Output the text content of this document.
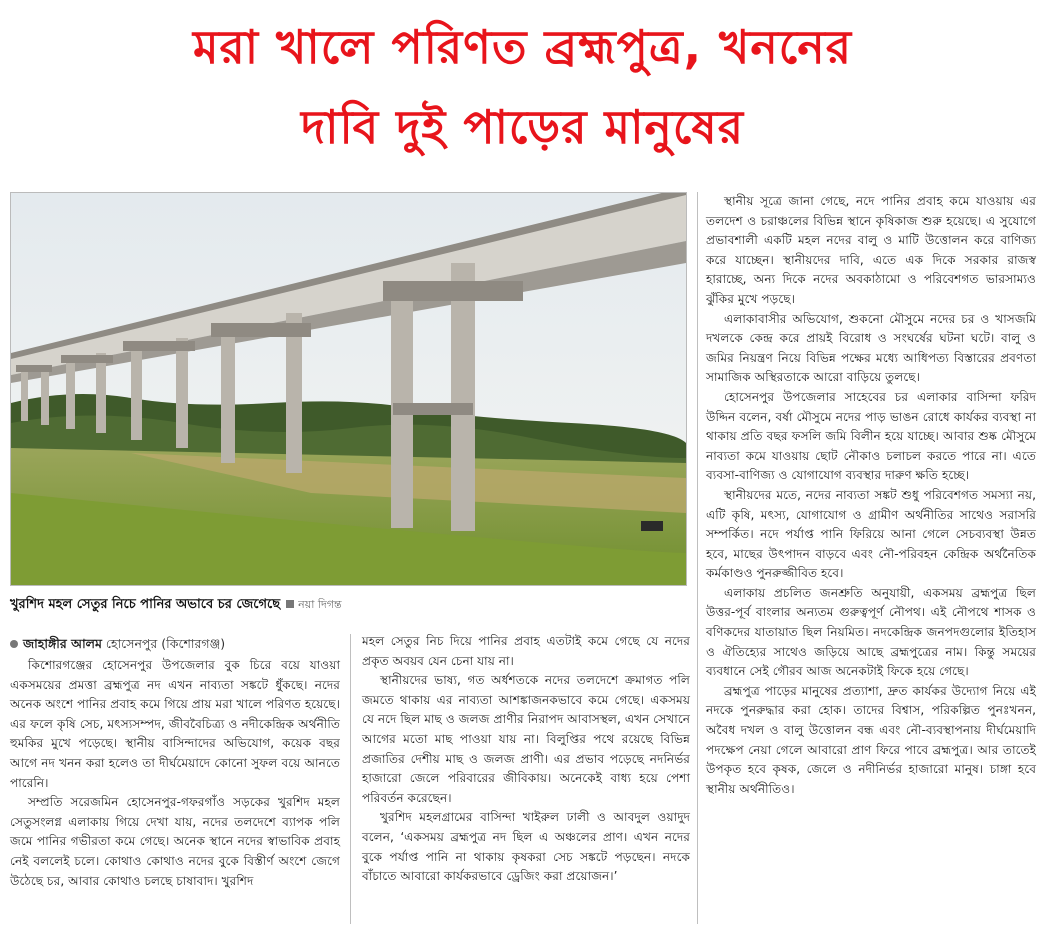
মরা খালে পরিণত ব্রহ্মপুত্র, খননের
দাবি দুই পাড়ের মানুষের
খুরশিদ মহল সেতুর নিচে পানির অভাবে চর জেগেছে নয়া দিগন্ত
জাহাঙ্গীর আলম হোসেনপুর (কিশোরগঞ্জ)

কিশোরগঞ্জের হোসেনপুর উপজেলার বুক চিরে বয়ে যাওয়া একসময়ের প্রমত্তা ব্রহ্মপুত্র নদ এখন নাব্যতা সঙ্কটে ধুঁকছে। নদের অনেক অংশে পানির প্রবাহ কমে গিয়ে প্রায় মরা খালে পরিণত হয়েছে। এর ফলে কৃষি সেচ, মৎস্যসম্পদ, জীববৈচিত্র্য ও নদীকেন্দ্রিক অর্থনীতি হুমকির মুখে পড়েছে। স্থানীয় বাসিন্দাদের অভিযোগ, কয়েক বছর আগে নদ খনন করা হলেও তা দীর্ঘমেয়াদে কোনো সুফল বয়ে আনতে পারেনি।

সম্প্রতি সরেজমিন হোসেনপুর-গফরগাঁও সড়কের খুরশিদ মহল সেতুসংলগ্ন এলাকায় গিয়ে দেখা যায়, নদের তলদেশে ব্যাপক পলি জমে পানির গভীরতা কমে গেছে। অনেক স্থানে নদের স্বাভাবিক প্রবাহ নেই বললেই চলে। কোথাও কোথাও নদের বুকে বিস্তীর্ণ অংশে জেগে উঠেছে চর, আবার কোথাও চলছে চাষাবাদ। খুরশিদ

মহল সেতুর নিচ দিয়ে পানির প্রবাহ এতটাই কমে গেছে যে নদের প্রকৃত অবয়ব যেন চেনা যায় না।

স্থানীয়দের ভাষ্য, গত অর্ধশতকে নদের তলদেশে ক্রমাগত পলি জমতে থাকায় এর নাব্যতা আশঙ্কাজনকভাবে কমে গেছে। একসময় যে নদে ছিল মাছ ও জলজ প্রাণীর নিরাপদ আবাসস্থল, এখন সেখানে আগের মতো মাছ পাওয়া যায় না। বিলুপ্তির পথে রয়েছে বিভিন্ন প্রজাতির দেশীয় মাছ ও জলজ প্রাণী। এর প্রভাব পড়েছে নদনির্ভর হাজারো জেলে পরিবারের জীবিকায়। অনেকেই বাধ্য হয়ে পেশা পরিবর্তন করেছেন।

খুরশিদ মহলগ্রামের বাসিন্দা খাইরুল ঢালী ও আবদুল ওয়াদুদ বলেন, ‘একসময় ব্রহ্মপুত্র নদ ছিল এ অঞ্চলের প্রাণ। এখন নদের বুকে পর্যাপ্ত পানি না থাকায় কৃষকরা সেচ সঙ্কটে পড়ছেন। নদকে বাঁচাতে আবারো কার্যকরভাবে ড্রেজিং করা প্রয়োজন।’

স্থানীয় সূত্রে জানা গেছে, নদে পানির প্রবাহ কমে যাওয়ায় এর তলদেশ ও চরাঞ্চলের বিভিন্ন স্থানে কৃষিকাজ শুরু হয়েছে। এ সুযোগে প্রভাবশালী একটি মহল নদের বালু ও মাটি উত্তোলন করে বাণিজ্য করে যাচ্ছেন। স্থানীয়দের দাবি, এতে এক দিকে সরকার রাজস্ব হারাচ্ছে, অন্য দিকে নদের অবকাঠামো ও পরিবেশগত ভারসাম্যও ঝুঁকির মুখে পড়ছে।

এলাকাবাসীর অভিযোগ, শুকনো মৌসুমে নদের চর ও খাসজমি দখলকে কেন্দ্র করে প্রায়ই বিরোধ ও সংঘর্ষের ঘটনা ঘটে। বালু ও জমির নিয়ন্ত্রণ নিয়ে বিভিন্ন পক্ষের মধ্যে আধিপত্য বিস্তারের প্রবণতা সামাজিক অস্থিরতাকে আরো বাড়িয়ে তুলছে।

হোসেনপুর উপজেলার সাহেবের চর এলাকার বাসিন্দা ফরিদ উদ্দিন বলেন, বর্ষা মৌসুমে নদের পাড় ভাঙন রোধে কার্যকর ব্যবস্থা না থাকায় প্রতি বছর ফসলি জমি বিলীন হয়ে যাচ্ছে। আবার শুষ্ক মৌসুমে নাব্যতা কমে যাওয়ায় ছোট নৌকাও চলাচল করতে পারে না। এতে ব্যবসা-বাণিজ্য ও যোগাযোগ ব্যবস্থার দারুণ ক্ষতি হচ্ছে।

স্থানীয়দের মতে, নদের নাব্যতা সঙ্কট শুধু পরিবেশগত সমস্যা নয়, এটি কৃষি, মৎস্য, যোগাযোগ ও গ্রামীণ অর্থনীতির সাথেও সরাসরি সম্পর্কিত। নদে পর্যাপ্ত পানি ফিরিয়ে আনা গেলে সেচব্যবস্থা উন্নত হবে, মাছের উৎপাদন বাড়বে এবং নৌ-পরিবহন কেন্দ্রিক অর্থনৈতিক কর্মকাণ্ডও পুনরুজ্জীবিত হবে।

এলাকায় প্রচলিত জনশ্রুতি অনুযায়ী, একসময় ব্রহ্মপুত্র ছিল উত্তর-পূর্ব বাংলার অন্যতম গুরুত্বপূর্ণ নৌপথ। এই নৌপথে শাসক ও বণিকদের যাতায়াত ছিল নিয়মিত। নদকেন্দ্রিক জনপদগুলোর ইতিহাস ও ঐতিহ্যের সাথেও জড়িয়ে আছে ব্রহ্মপুত্রের নাম। কিন্তু সময়ের ব্যবধানে সেই গৌরব আজ অনেকটাই ফিকে হয়ে গেছে।

ব্রহ্মপুত্র পাড়ের মানুষের প্রত্যাশা, দ্রুত কার্যকর উদ্যোগ নিয়ে এই নদকে পুনরুদ্ধার করা হোক। তাদের বিশ্বাস, পরিকল্পিত পুনঃখনন, অবৈধ দখল ও বালু উত্তোলন বন্ধ এবং নৌ-ব্যবস্থাপনায় দীর্ঘমেয়াদি পদক্ষেপ নেয়া গেলে আবারো প্রাণ ফিরে পাবে ব্রহ্মপুত্র। আর তাতেই উপকৃত হবে কৃষক, জেলে ও নদীনির্ভর হাজারো মানুষ। চাঙ্গা হবে স্থানীয় অর্থনীতিও।
